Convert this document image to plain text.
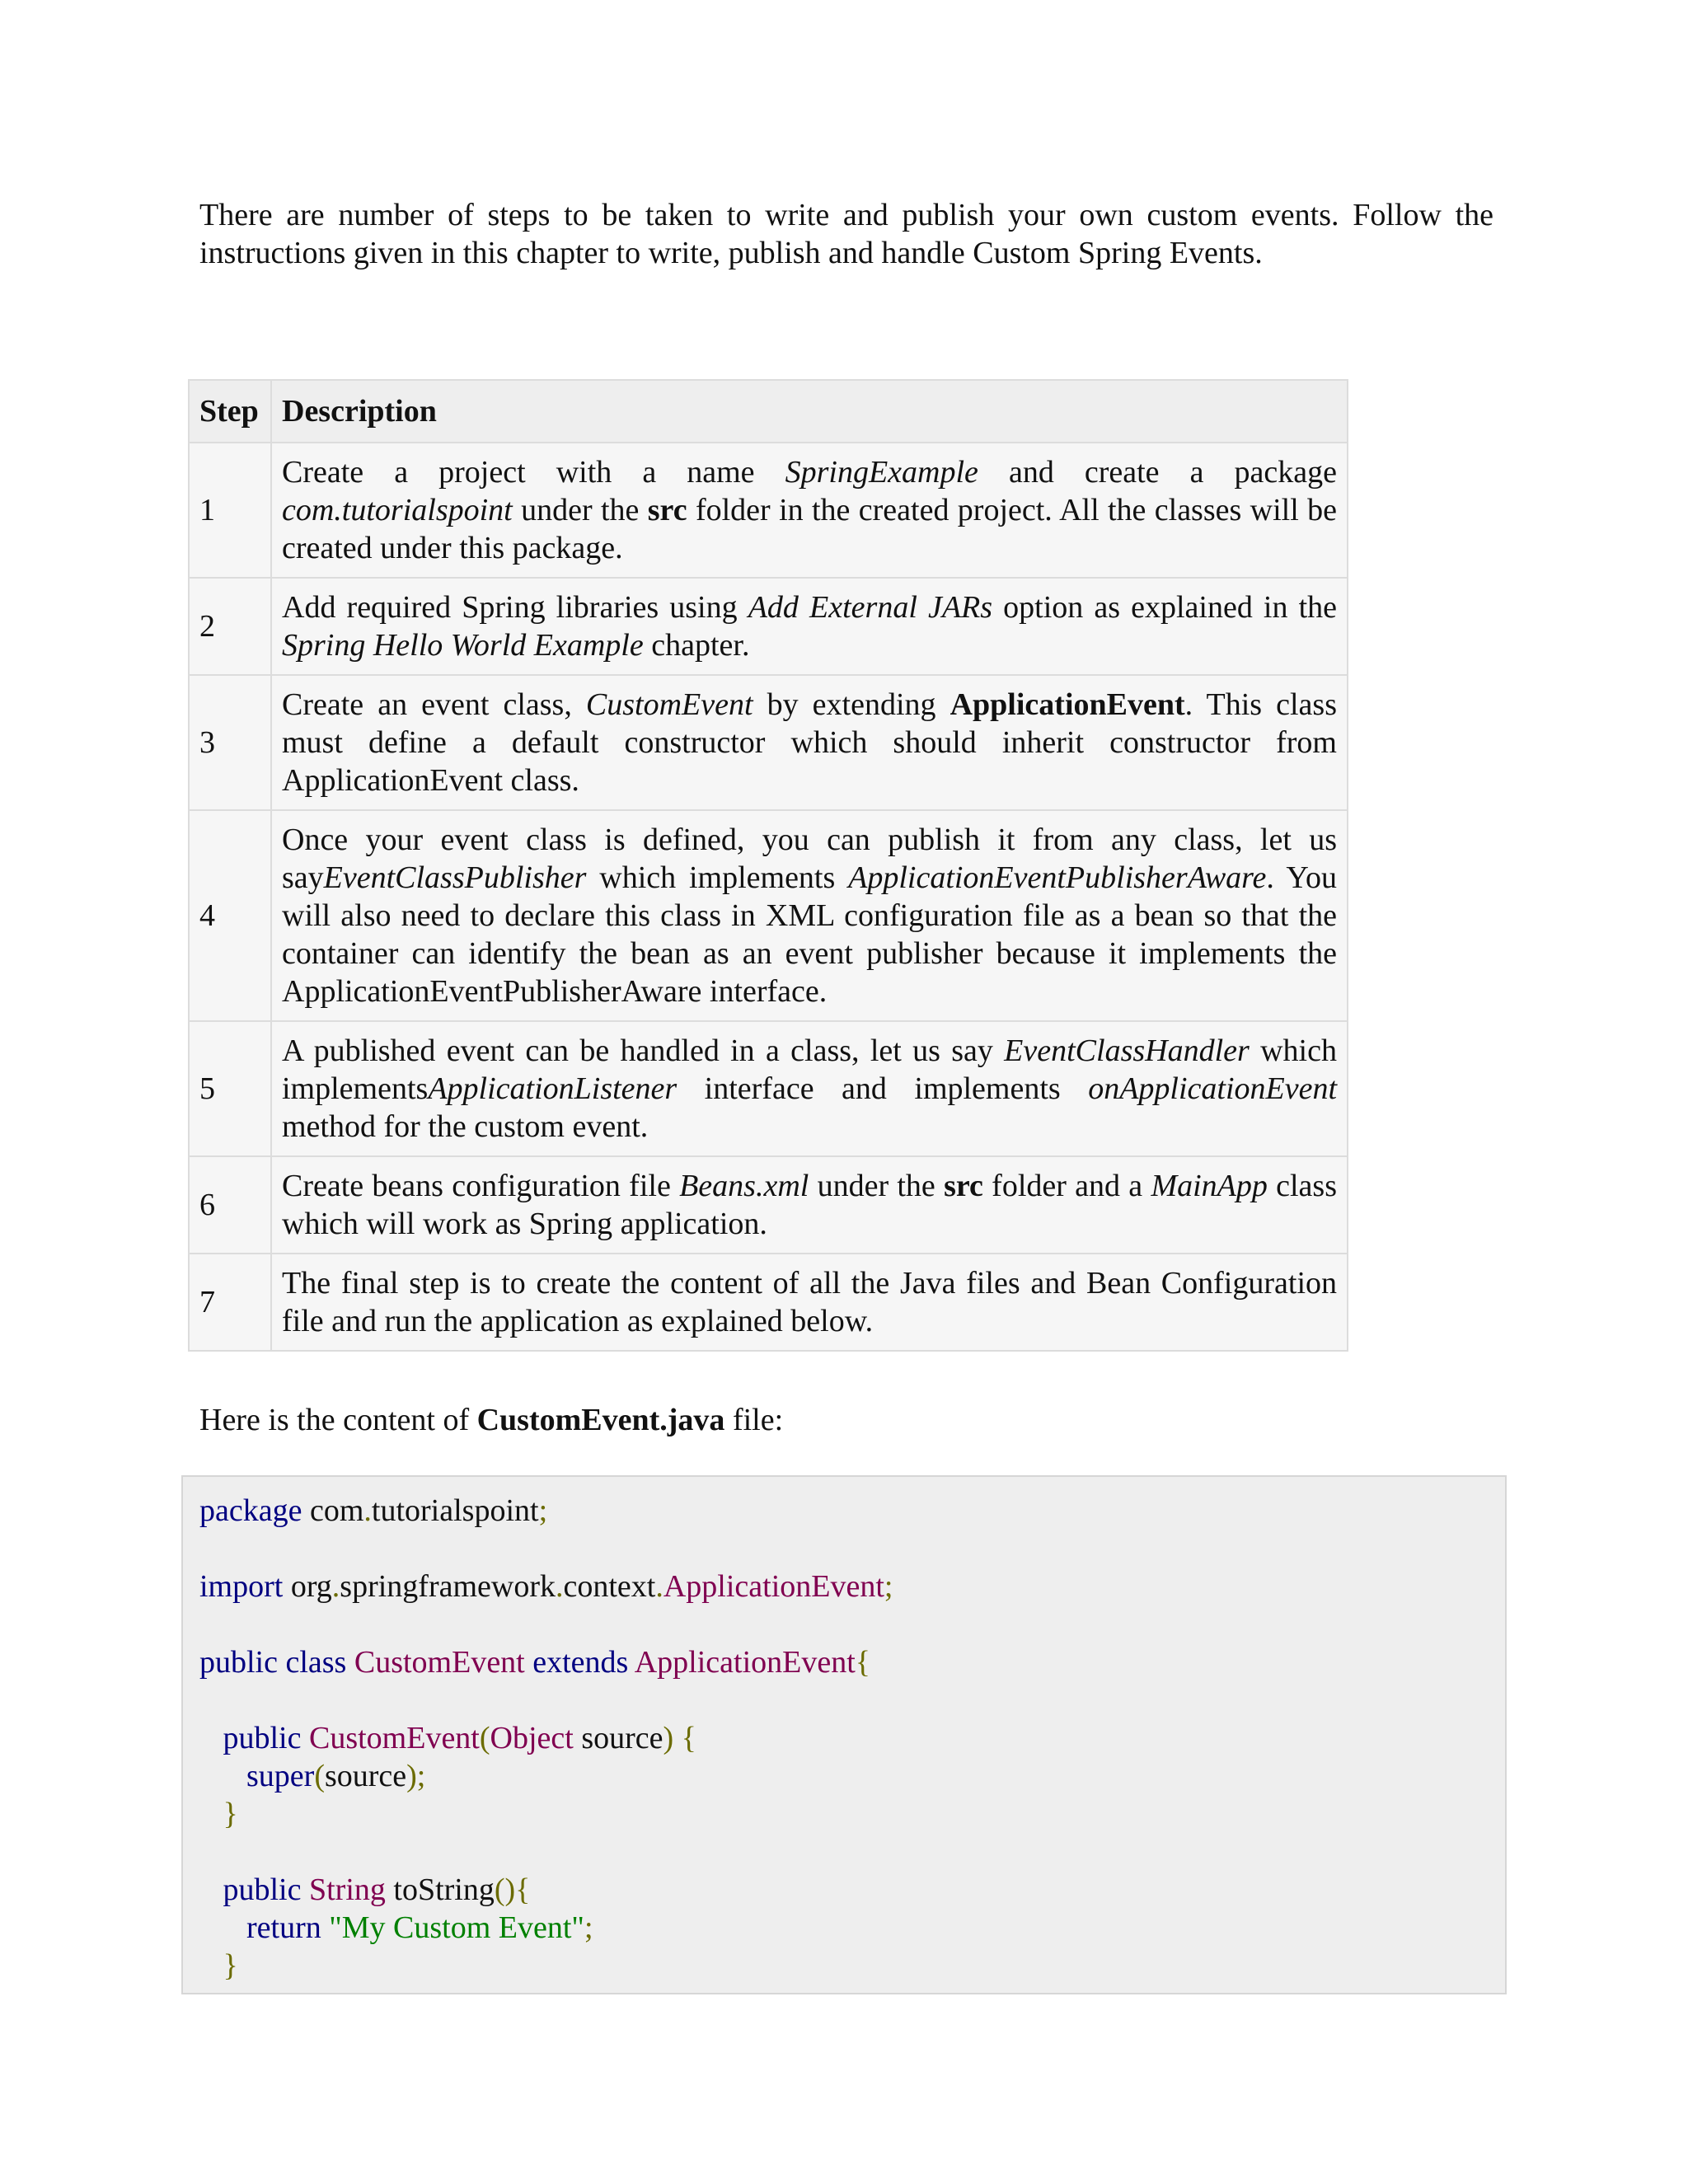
There are number of steps to be taken to write and publish your own custom events. Follow the instructions given in this chapter to write, publish and handle Custom Spring Events.

Step	Description
1	Create a project with a name SpringExample and create a package com.tutorialspoint under the src folder in the created project. All the classes will be created under this package.
2	Add required Spring libraries using Add External JARs option as explained in the Spring Hello World Example chapter.
3	Create an event class, CustomEvent by extending ApplicationEvent. This class must define a default constructor which should inherit constructor from ApplicationEvent class.
4	Once your event class is defined, you can publish it from any class, let us sayEventClassPublisher which implements ApplicationEventPublisherAware. You will also need to declare this class in XML configuration file as a bean so that the container can identify the bean as an event publisher because it implements the ApplicationEventPublisherAware interface.
5	A published event can be handled in a class, let us say EventClassHandler which implementsApplicationListener interface and implements onApplicationEvent method for the custom event.
6	Create beans configuration file Beans.xml under the src folder and a MainApp class which will work as Spring application.
7	The final step is to create the content of all the Java files and Bean Configuration file and run the application as explained below.

Here is the content of CustomEvent.java file:

package com.tutorialspoint;

import org.springframework.context.ApplicationEvent;

public class CustomEvent extends ApplicationEvent{

public CustomEvent(Object source) {
super(source);
}

public String toString(){
return "My Custom Event";
}
